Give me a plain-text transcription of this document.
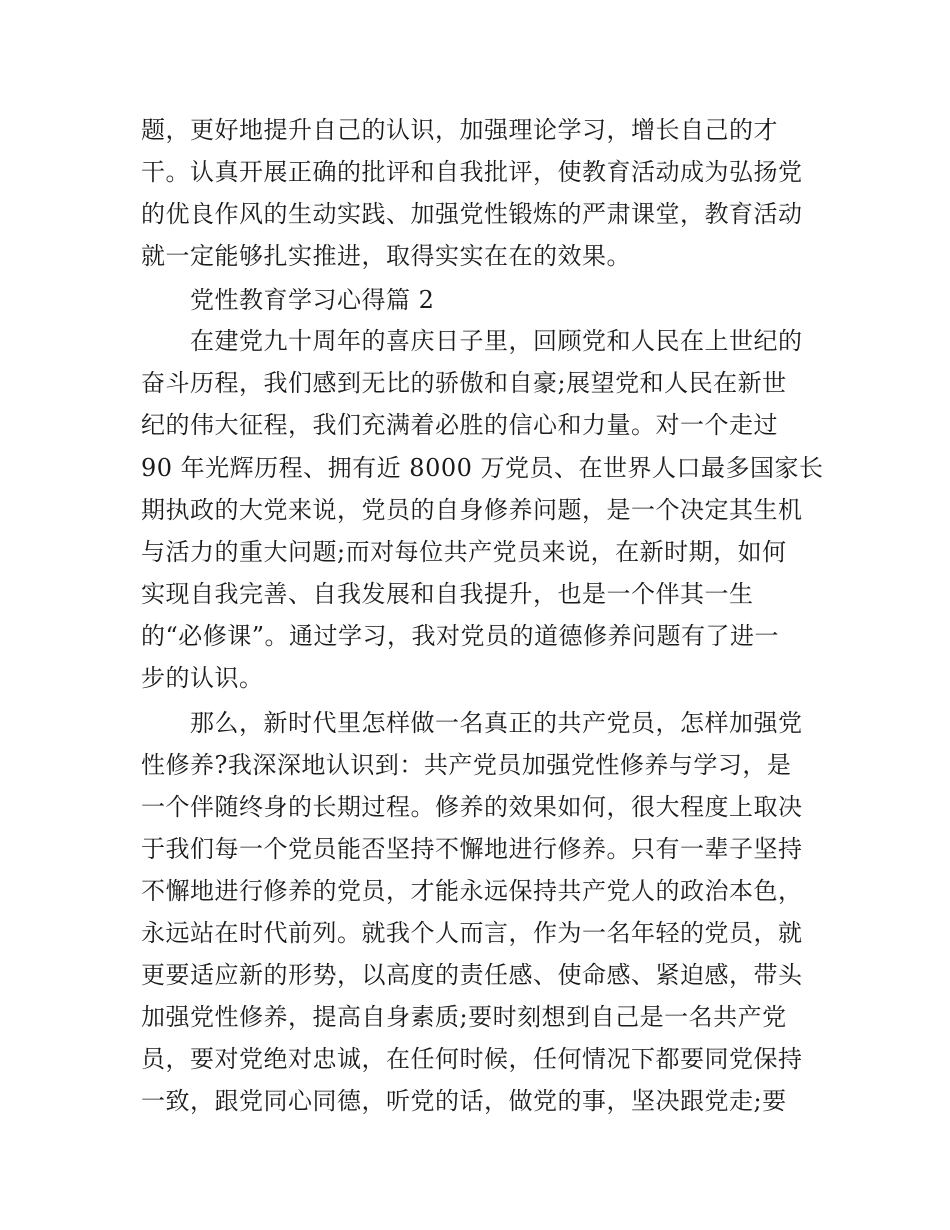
题，更好地提升自己的认识，加强理论学习，增长自己的才
干。认真开展正确的批评和自我批评，使教育活动成为弘扬党
的优良作风的生动实践、加强党性锻炼的严肃课堂，教育活动
就一定能够扎实推进，取得实实在在的效果。
党性教育学习心得篇 2
在建党九十周年的喜庆日子里，回顾党和人民在上世纪的
奋斗历程，我们感到无比的骄傲和自豪;展望党和人民在新世
纪的伟大征程，我们充满着必胜的信心和力量。对一个走过
90 年光辉历程、拥有近 8000 万党员、在世界人口最多国家长
期执政的大党来说，党员的自身修养问题，是一个决定其生机
与活力的重大问题;而对每位共产党员来说，在新时期，如何
实现自我完善、自我发展和自我提升，也是一个伴其一生
的“必修课”。通过学习，我对党员的道德修养问题有了进一
步的认识。
那么，新时代里怎样做一名真正的共产党员，怎样加强党
性修养?我深深地认识到：共产党员加强党性修养与学习，是
一个伴随终身的长期过程。修养的效果如何，很大程度上取决
于我们每一个党员能否坚持不懈地进行修养。只有一辈子坚持
不懈地进行修养的党员，才能永远保持共产党人的政治本色，
永远站在时代前列。就我个人而言，作为一名年轻的党员，就
更要适应新的形势，以高度的责任感、使命感、紧迫感，带头
加强党性修养，提高自身素质;要时刻想到自己是一名共产党
员，要对党绝对忠诚，在任何时候，任何情况下都要同党保持
一致，跟党同心同德，听党的话，做党的事，坚决跟党走;要
